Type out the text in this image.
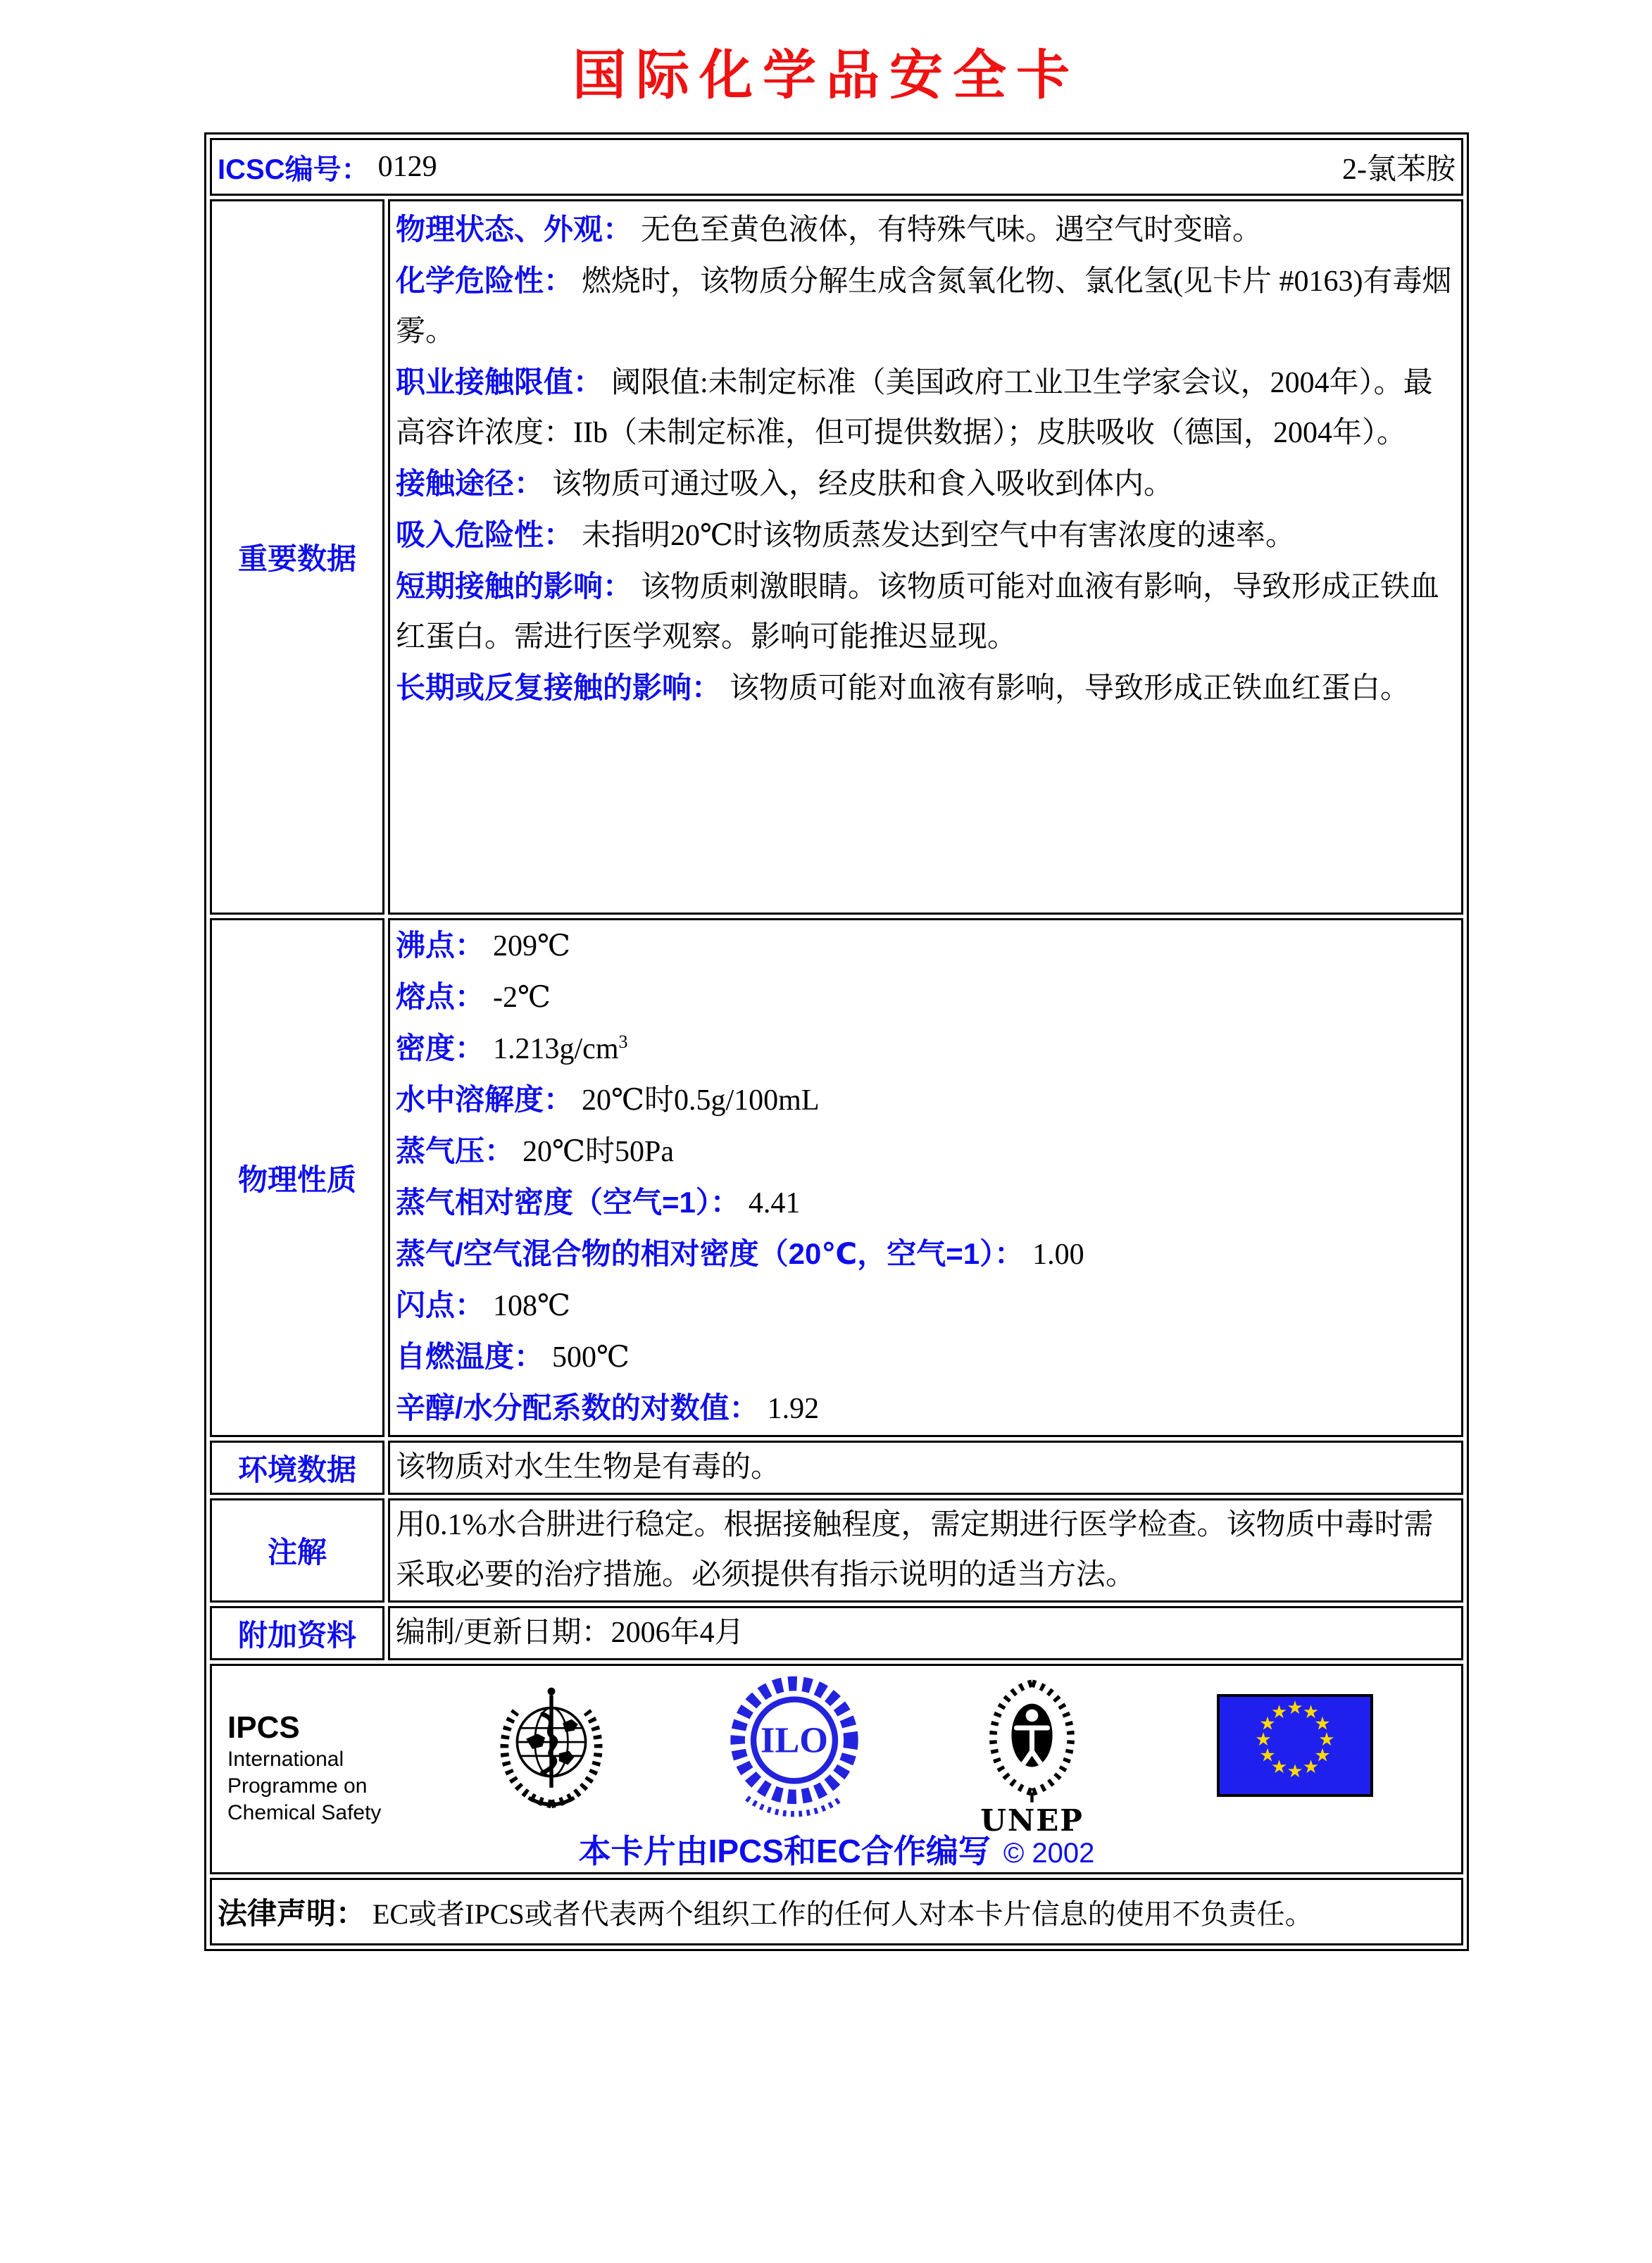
国际化学品安全卡
ICSC编号： 0129 2-氯苯胺	

重要数据	
物理状态、外观： 无色至黄色液体，有特殊气味。遇空气时变暗。
化学危险性： 燃烧时，该物质分解生成含氮氧化物、氯化氢(见卡片 #0163)有毒烟雾。
职业接触限值： 阈限值:未制定标准（美国政府工业卫生学家会议，2004年）。最高容许浓度：IIb（未制定标准，但可提供数据）；皮肤吸收（德国，2004年）。
接触途径： 该物质可通过吸入，经皮肤和食入吸收到体内。
吸入危险性： 未指明20℃时该物质蒸发达到空气中有害浓度的速率。
短期接触的影响： 该物质刺激眼睛。该物质可能对血液有影响，导致形成正铁血红蛋白。需进行医学观察。影响可能推迟显现。
长期或反复接触的影响： 该物质可能对血液有影响，导致形成正铁血红蛋白。

物理性质	
沸点： 209℃
熔点： -2℃
密度： $1.213g/cm^3$
水中溶解度： 20℃时0.5g/100mL
蒸气压： 20℃时50Pa
蒸气相对密度（空气=1）： 4.41
蒸气/空气混合物的相对密度（20℃，空气=1）： 1.00
闪点： 108℃
自燃温度： 500℃
辛醇/水分配系数的对数值： 1.92

环境数据	该物质对水生生物是有毒的。
注解	用0.1%水合肼进行稳定。根据接触程度，需定期进行医学检查。该物质中毒时需采取必要的治疗措施。必须提供有指示说明的适当方法。
附加资料	编制/更新日期：2006年4月

IPCS
International
Programme on
Chemical Safety
ILO
UNEP
★ ★
★
★
★
★
★
★
★
★
★
★
本卡片由IPCS和EC合作编写 © 2002

法律声明： EC或者IPCS或者代表两个组织工作的任何人对本卡片信息的使用不负责任。	
